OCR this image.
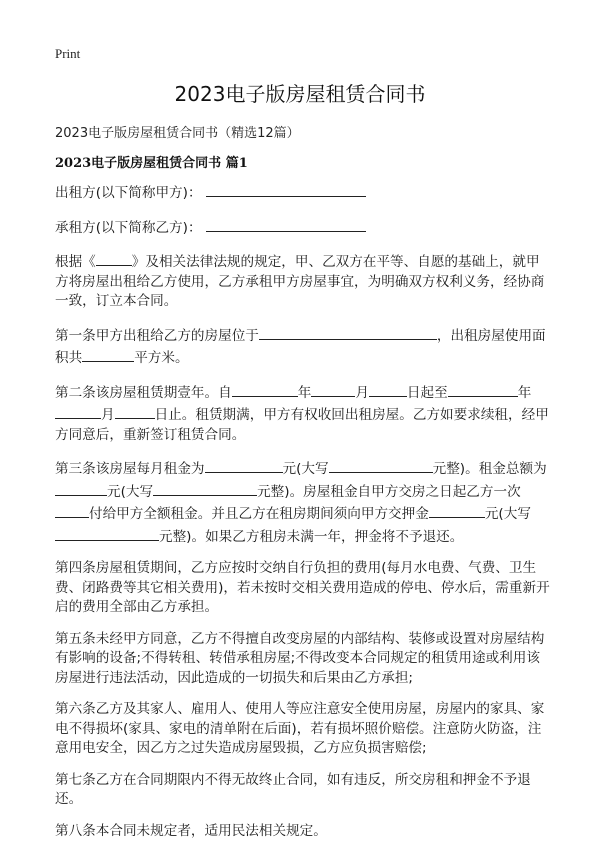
Print
2023电子版房屋租赁合同书
2023电子版房屋租赁合同书（精选12篇）
2023电子版房屋租赁合同书 篇1
出租方(以下简称甲方)：
承租方(以下简称乙方)：

根据《	》及相关法律法规的规定，甲、乙双方在平等、自愿的基础上，就甲方将房屋出租给乙方使用，乙方承租甲方房屋事宜，为明确双方权利义务，经协商一致，订立本合同。

第一条甲方出租给乙方的房屋位于	，出租房屋使用面积共	平方米。

第二条该房屋租赁期壹年。自	年	月	日起至	年月	日止。租赁期满，甲方有权收回出租房屋。乙方如要求续租，经甲方同意后，重新签订租赁合同。

第三条该房屋每月租金为	元(大写	元整)。租金总额为元(大写	元整)。房屋租金自甲方交房之日起乙方一次付给甲方全额租金。并且乙方在租房期间须向甲方交押金	元(大写元整)。如果乙方租房未满一年，押金将不予退还。

第四条房屋租赁期间，乙方应按时交纳自行负担的费用(每月水电费、气费、卫生费、闭路费等其它相关费用)，若未按时交相关费用造成的停电、停水后，需重新开启的费用全部由乙方承担。

第五条未经甲方同意，乙方不得擅自改变房屋的内部结构、装修或设置对房屋结构有影响的设备;不得转租、转借承租房屋;不得改变本合同规定的租赁用途或利用该房屋进行违法活动，因此造成的一切损失和后果由乙方承担;

第六条乙方及其家人、雇用人、使用人等应注意安全使用房屋，房屋内的家具、家电不得损坏(家具、家电的清单附在后面)，若有损坏照价赔偿。注意防火防盗，注意用电安全，因乙方之过失造成房屋毁损，乙方应负损害赔偿;

第七条乙方在合同期限内不得无故终止合同，如有违反，所交房租和押金不予退还。

第八条本合同未规定者，适用民法相关规定。
